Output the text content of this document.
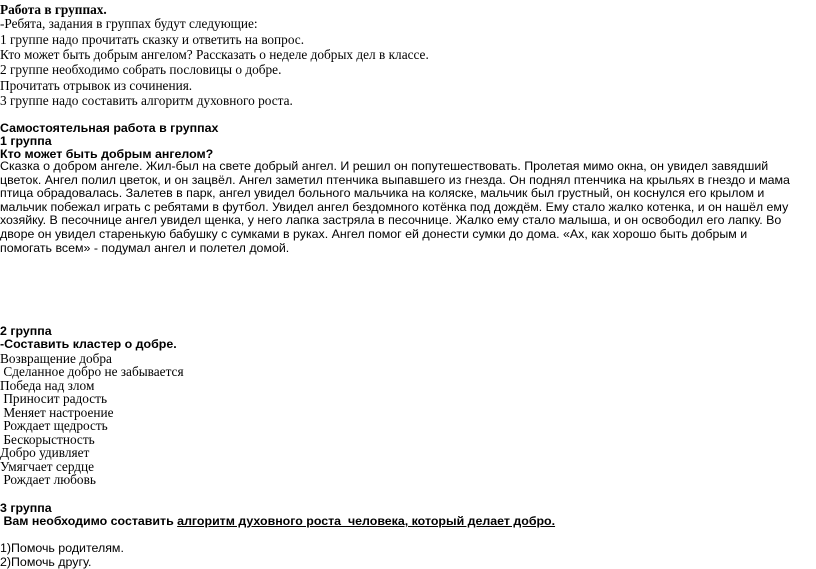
Работа в группах.
-Ребята, задания в группах будут следующие:
1 группе надо прочитать сказку и ответить на вопрос.
Кто может быть добрым ангелом? Рассказать о неделе добрых дел в классе.
2 группе необходимо собрать пословицы о добре.
Прочитать отрывок из сочинения.
3 группе надо составить алгоритм духовного роста.
Самостоятельная работа в группах
1 группа
Кто может быть добрым ангелом?
Сказка о добром ангеле. Жил-был на свете добрый ангел. И решил он попутешествовать. Пролетая мимо окна, он увидел завядший цветок. Ангел полил цветок, и он зацвёл. Ангел заметил птенчика выпавшего из гнезда. Он поднял птенчика на крыльях в гнездо и мама птица обрадовалась. Залетев в парк, ангел увидел больного мальчика на коляске, мальчик был грустный, он коснулся его крылом и мальчик побежал играть с ребятами в футбол. Увидел ангел бездомного котёнка под дождём. Ему стало жалко котенка, и он нашёл ему хозяйку. В песочнице ангел увидел щенка, у него лапка застряла в песочнице. Жалко ему стало малыша, и он освободил его лапку. Во дворе он увидел старенькую бабушку с сумками в руках. Ангел помог ей донести сумки до дома. «Ах, как хорошо быть добрым и помогать всем» - подумал ангел и полетел домой.
2 группа
-Составить кластер о добре.
Возвращение добра
Сделанное добро не забывается
Победа над злом
Приносит радость
Меняет настроение
Рождает щедрость
Бескорыстность
Добро удивляет
Умягчает сердце
Рождает любовь
3 группа
Вам необходимо составить алгоритм духовного роста  человека, который делает добро.
1)Помочь родителям.
2)Помочь другу.
